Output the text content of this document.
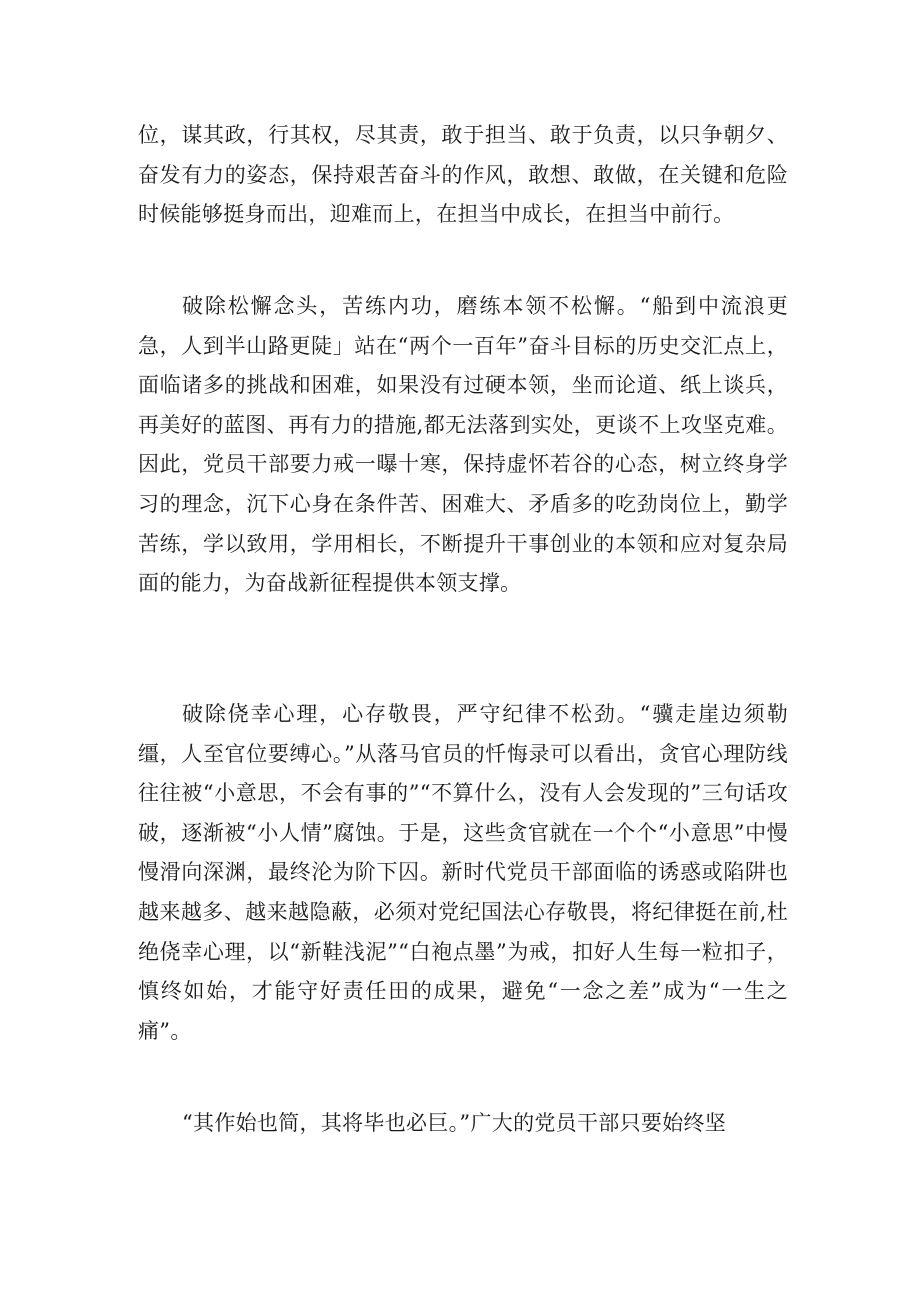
位，谋其政，行其权，尽其责，敢于担当、敢于负责，以只争朝夕、奋发有力的姿态，保持艰苦奋斗的作风，敢想、敢做，在关键和危险时候能够挺身而出，迎难而上，在担当中成长，在担当中前行。

破除松懈念头，苦练内功，磨练本领不松懈。“船到中流浪更急，人到半山路更陡」站在“两个一百年”奋斗目标的历史交汇点上，面临诸多的挑战和困难，如果没有过硬本领，坐而论道、纸上谈兵，再美好的蓝图、再有力的措施,都无法落到实处，更谈不上攻坚克难。因此，党员干部要力戒一曝十寒，保持虚怀若谷的心态，树立终身学习的理念，沉下心身在条件苦、困难大、矛盾多的吃劲岗位上，勤学苦练，学以致用，学用相长，不断提升干事创业的本领和应对复杂局面的能力，为奋战新征程提供本领支撑。

破除侥幸心理，心存敬畏，严守纪律不松劲。“骥走崖边须勒缰，人至官位要缚心。”从落马官员的忏悔录可以看出，贪官心理防线往往被“小意思，不会有事的”“不算什么，没有人会发现的”三句话攻破，逐渐被“小人情”腐蚀。于是，这些贪官就在一个个“小意思”中慢慢滑向深渊，最终沦为阶下囚。新时代党员干部面临的诱惑或陷阱也越来越多、越来越隐蔽，必须对党纪国法心存敬畏，将纪律挺在前,杜绝侥幸心理，以“新鞋浅泥”“白袍点墨”为戒，扣好人生每一粒扣子，慎终如始，才能守好责任田的成果，避免“一念之差”成为“一生之痛”。

“其作始也简，其将毕也必巨。”广大的党员干部只要始终坚
